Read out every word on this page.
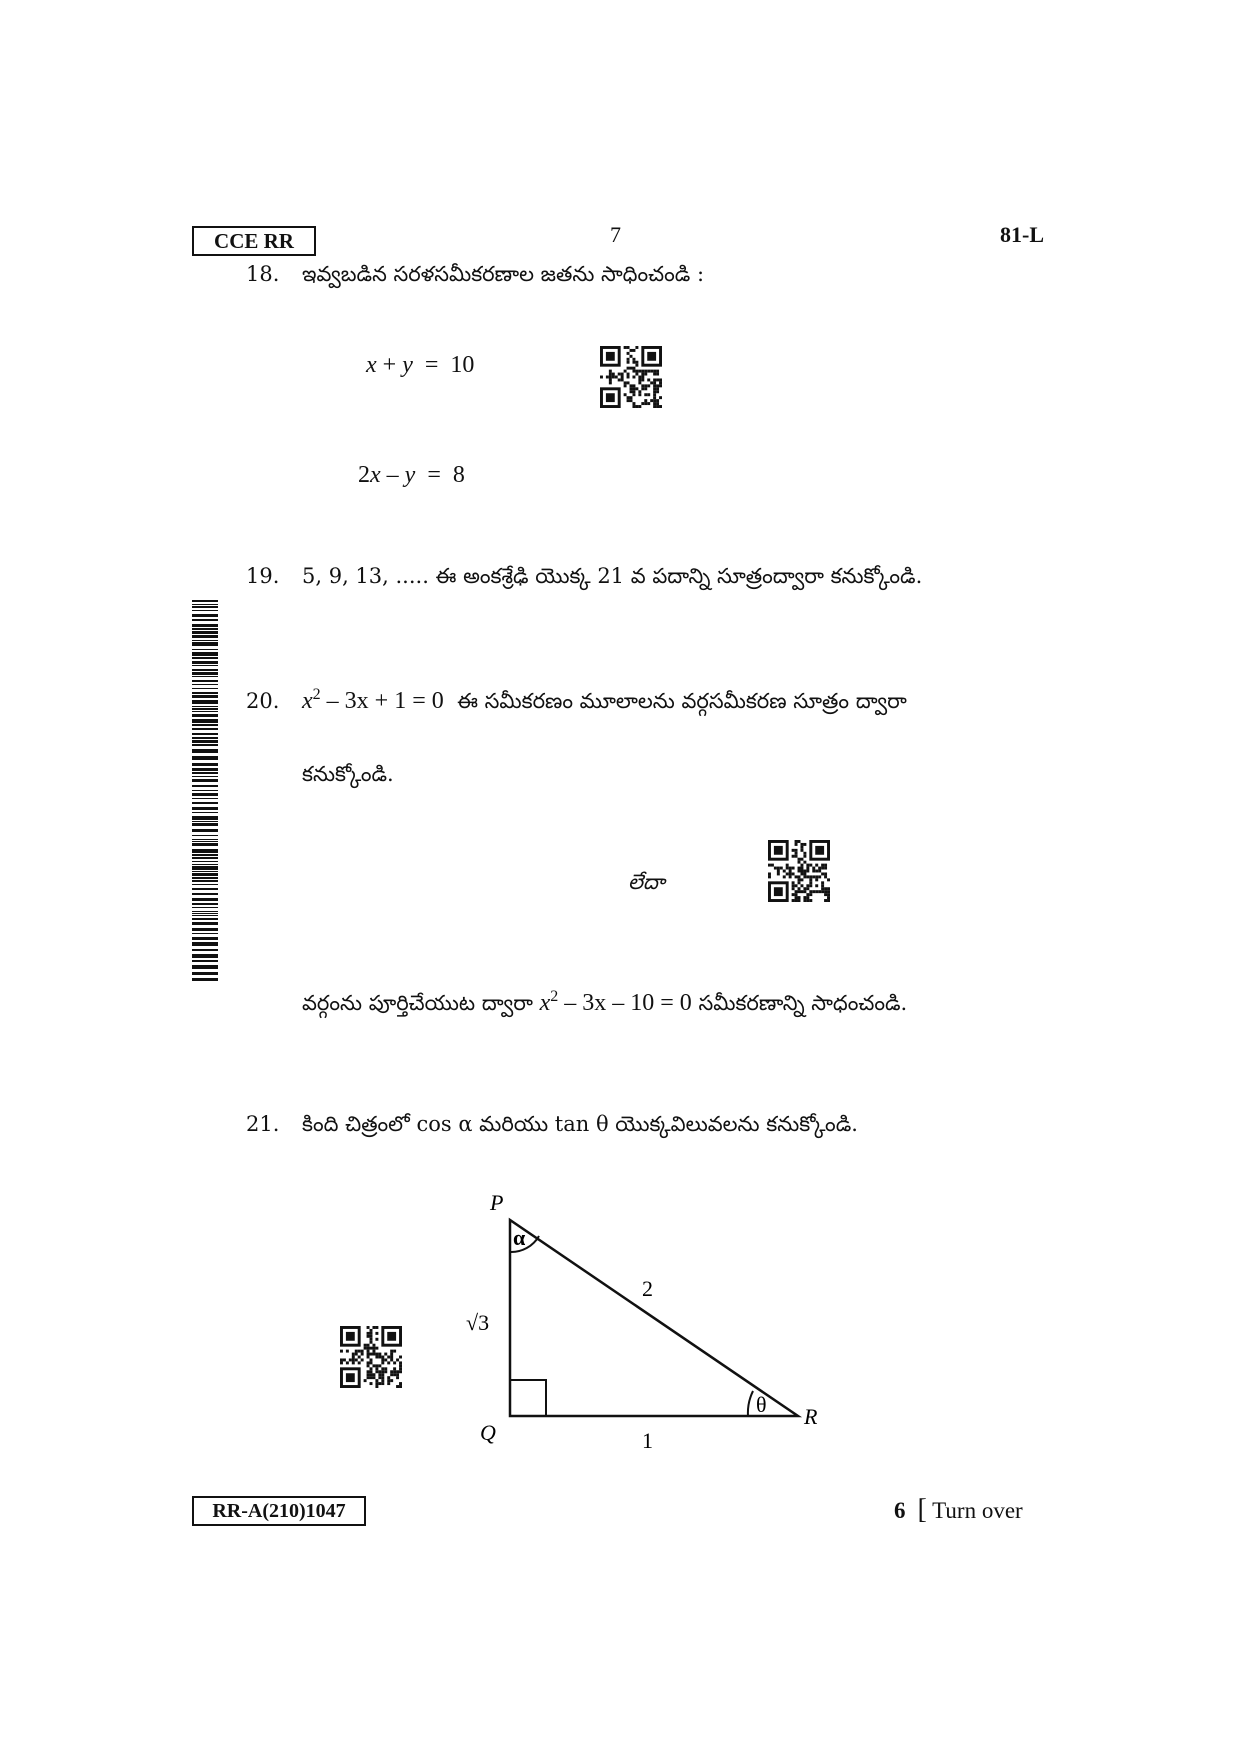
CCE RR	7	81-L
18. ఇవ్వబడిన సరళసమీకరణాల జతను సాధించండి :
x + y = 10
2x – y = 8
19. 5, 9, 13, ..... ఈ అంకశ్రేఢి యొక్క 21 వ పదాన్ని సూత్రంద్వారా కనుక్కోండి.
20. $x^2 - 3x + 1 = 0$ ఈ సమీకరణం మూలాలను వర్గసమీకరణ సూత్రం ద్వారా
కనుక్కోండి.
లేదా
వర్గంను పూర్తిచేయుట ద్వారా $x^2 - 3x - 10 = 0$ సమీకరణాన్ని సాధంచండి.
21. కింది చిత్రంలో cos α మరియు tan θ యొక్కవిలువలను కనుక్కోండి.
P
Q
R
α
θ
√3
2
1
RR-A(210)1047	6 [ Turn over
